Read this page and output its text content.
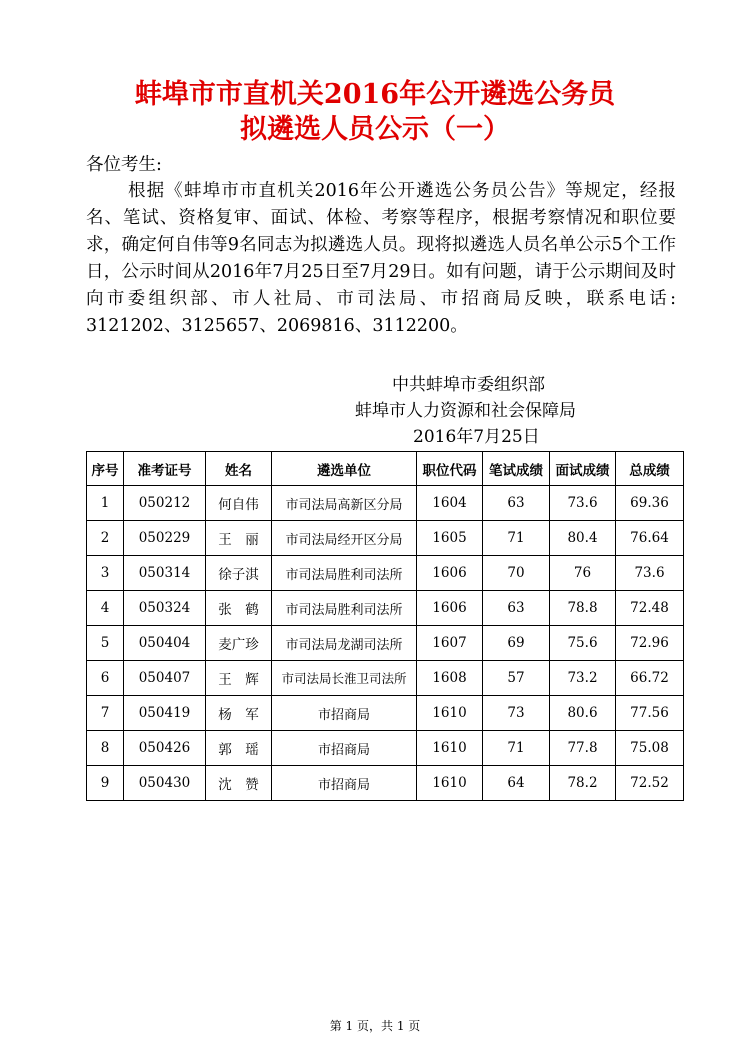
蚌埠市市直机关2016年公开遴选公务员
拟遴选人员公示（一）
各位考生:
根据《蚌埠市市直机关2016年公开遴选公务员公告》等规定，经报名、笔试、资格复审、面试、体检、考察等程序，根据考察情况和职位要求，确定何自伟等9名同志为拟遴选人员。现将拟遴选人员名单公示5个工作日，公示时间从2016年7月25日至7月29日。如有问题，请于公示期间及时向市委组织部、市人社局、市司法局、市招商局反映，联系电话: 3121202、3125657、2069816、3112200。
中共蚌埠市委组织部
蚌埠市人力资源和社会保障局
2016年7月25日
序号	准考证号	姓名	遴选单位	职位代码	笔试成绩	面试成绩	总成绩
1	050212	何自伟	市司法局高新区分局	1604	63	73.6	69.36
2	050229	王　丽	市司法局经开区分局	1605	71	80.4	76.64
3	050314	徐子淇	市司法局胜利司法所	1606	70	76	73.6
4	050324	张　鹤	市司法局胜利司法所	1606	63	78.8	72.48
5	050404	麦广珍	市司法局龙湖司法所	1607	69	75.6	72.96
6	050407	王　辉	市司法局长淮卫司法所	1608	57	73.2	66.72
7	050419	杨　军	市招商局	1610	73	80.6	77.56
8	050426	郭　瑶	市招商局	1610	71	77.8	75.08
9	050430	沈　赞	市招商局	1610	64	78.2	72.52
第 1 页，共 1 页
